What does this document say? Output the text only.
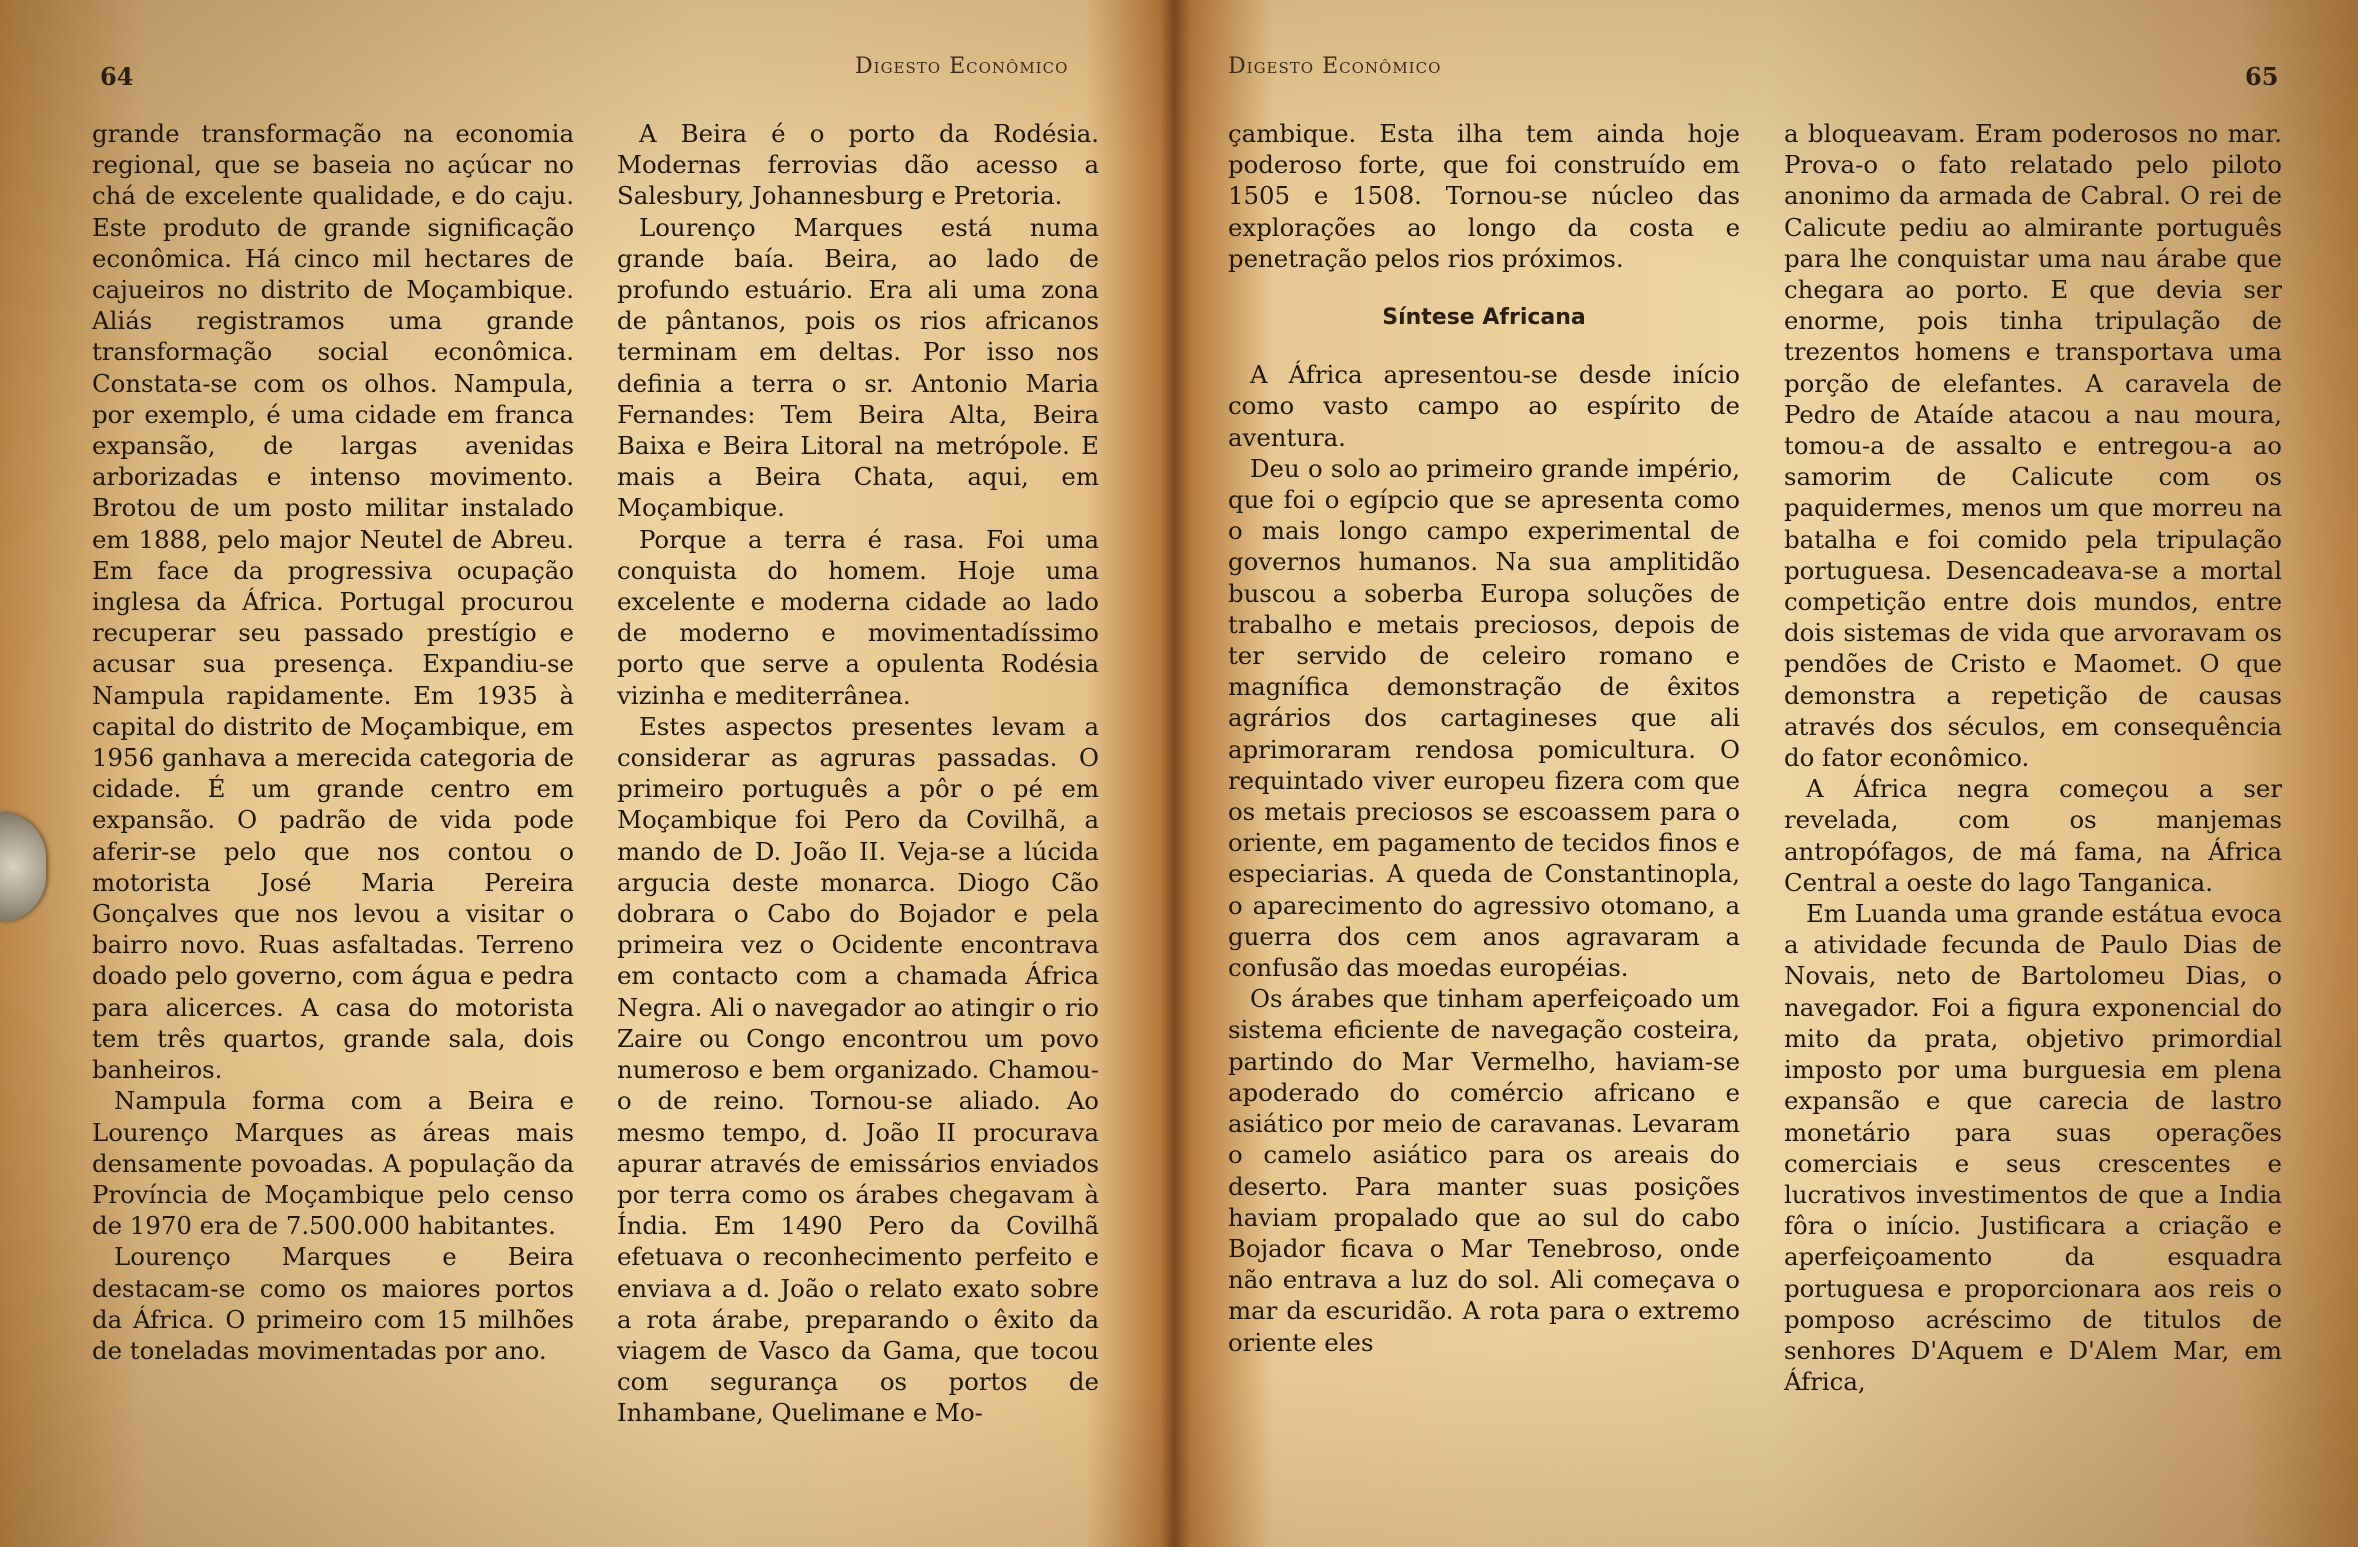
64	Digesto Econômico

grande transformação na economia regional, que se baseia no açúcar no chá de excelente qualidade, e do caju. Este produto de grande significação econômica. Há cinco mil hectares de cajueiros no distrito de Moçambique. Aliás registramos uma grande transformação social econômica. Constata-se com os olhos. Nampula, por exemplo, é uma cidade em franca expansão, de largas avenidas arborizadas e intenso movimento. Brotou de um posto militar instalado em 1888, pelo major Neutel de Abreu. Em face da progressiva ocupação inglesa da África. Portugal procurou recuperar seu passado prestígio e acusar sua presença. Expandiu-se Nampula rapidamente. Em 1935 à capital do distrito de Moçambique, em 1956 ganhava a merecida categoria de cidade. É um grande centro em expansão. O padrão de vida pode aferir-se pelo que nos contou o motorista José Maria Pereira Gonçalves que nos levou a visitar o bairro novo. Ruas asfaltadas. Terreno doado pelo governo, com água e pedra para alicerces. A casa do motorista tem três quartos, grande sala, dois banheiros.

Nampula forma com a Beira e Lourenço Marques as áreas mais densamente povoadas. A população da Província de Moçambique pelo censo de 1970 era de 7.500.000 habitantes.

Lourenço Marques e Beira destacam-se como os maiores portos da África. O primeiro com 15 milhões de toneladas movimentadas por ano.

A Beira é o porto da Rodésia. Modernas ferrovias dão acesso a Salesbury, Johannesburg e Pretoria.

Lourenço Marques está numa grande baía. Beira, ao lado de profundo estuário. Era ali uma zona de pântanos, pois os rios africanos terminam em deltas. Por isso nos definia a terra o sr. Antonio Maria Fernandes: Tem Beira Alta, Beira Baixa e Beira Litoral na metrópole. E mais a Beira Chata, aqui, em Moçambique.

Porque a terra é rasa. Foi uma conquista do homem. Hoje uma excelente e moderna cidade ao lado de moderno e movimentadíssimo porto que serve a opulenta Rodésia vizinha e mediterrânea.

Estes aspectos presentes levam a considerar as agruras passadas. O primeiro português a pôr o pé em Moçambique foi Pero da Covilhã, a mando de D. João II. Veja-se a lúcida argucia deste monarca. Diogo Cão dobrara o Cabo do Bojador e pela primeira vez o Ocidente encontrava em contacto com a chamada África Negra. Ali o navegador ao atingir o rio Zaire ou Congo encontrou um povo numeroso e bem organizado. Chamou-o de reino. Tornou-se aliado. Ao mesmo tempo, d. João II procurava apurar através de emissários enviados por terra como os árabes chegavam à Índia. Em 1490 Pero da Covilhã efetuava o reconhecimento perfeito e enviava a d. João o relato exato sobre a rota árabe, preparando o êxito da viagem de Vasco da Gama, que tocou com segurança os portos de Inhambane, Quelimane e Mo-

Digesto Econômico	65

çambique. Esta ilha tem ainda hoje poderoso forte, que foi construído em 1505 e 1508. Tornou-se núcleo das explorações ao longo da costa e penetração pelos rios próximos.

Síntese Africana

A África apresentou-se desde início como vasto campo ao espírito de aventura.

Deu o solo ao primeiro grande império, que foi o egípcio que se apresenta como o mais longo campo experimental de governos humanos. Na sua amplitidão buscou a soberba Europa soluções de trabalho e metais preciosos, depois de ter servido de celeiro romano e magnífica demonstração de êxitos agrários dos cartagineses que ali aprimoraram rendosa pomicultura. O requintado viver europeu fizera com que os metais preciosos se escoassem para o oriente, em pagamento de tecidos finos e especiarias. A queda de Constantinopla, o aparecimento do agressivo otomano, a guerra dos cem anos agravaram a confusão das moedas européias.

Os árabes que tinham aperfeiçoado um sistema eficiente de navegação costeira, partindo do Mar Vermelho, haviam-se apoderado do comércio africano e asiático por meio de caravanas. Levaram o camelo asiático para os areais do deserto. Para manter suas posições haviam propalado que ao sul do cabo Bojador ficava o Mar Tenebroso, onde não entrava a luz do sol. Ali começava o mar da escuridão. A rota para o extremo oriente eles

a bloqueavam. Eram poderosos no mar. Prova-o o fato relatado pelo piloto anonimo da armada de Cabral. O rei de Calicute pediu ao almirante português para lhe conquistar uma nau árabe que chegara ao porto. E que devia ser enorme, pois tinha tripulação de trezentos homens e transportava uma porção de elefantes. A caravela de Pedro de Ataíde atacou a nau moura, tomou-a de assalto e entregou-a ao samorim de Calicute com os paquidermes, menos um que morreu na batalha e foi comido pela tripulação portuguesa. Desencadeava-se a mortal competição entre dois mundos, entre dois sistemas de vida que arvoravam os pendões de Cristo e Maomet. O que demonstra a repetição de causas através dos séculos, em consequência do fator econômico.

A África negra começou a ser revelada, com os manjemas antropófagos, de má fama, na África Central a oeste do lago Tanganica.

Em Luanda uma grande estátua evoca a atividade fecunda de Paulo Dias de Novais, neto de Bartolomeu Dias, o navegador. Foi a figura exponencial do mito da prata, objetivo primordial imposto por uma burguesia em plena expansão e que carecia de lastro monetário para suas operações comerciais e seus crescentes e lucrativos investimentos de que a India fôra o início. Justificara a criação e aperfeiçoamento da esquadra portuguesa e proporcionara aos reis o pomposo acréscimo de titulos de senhores D'Aquem e D'Alem Mar, em África,
